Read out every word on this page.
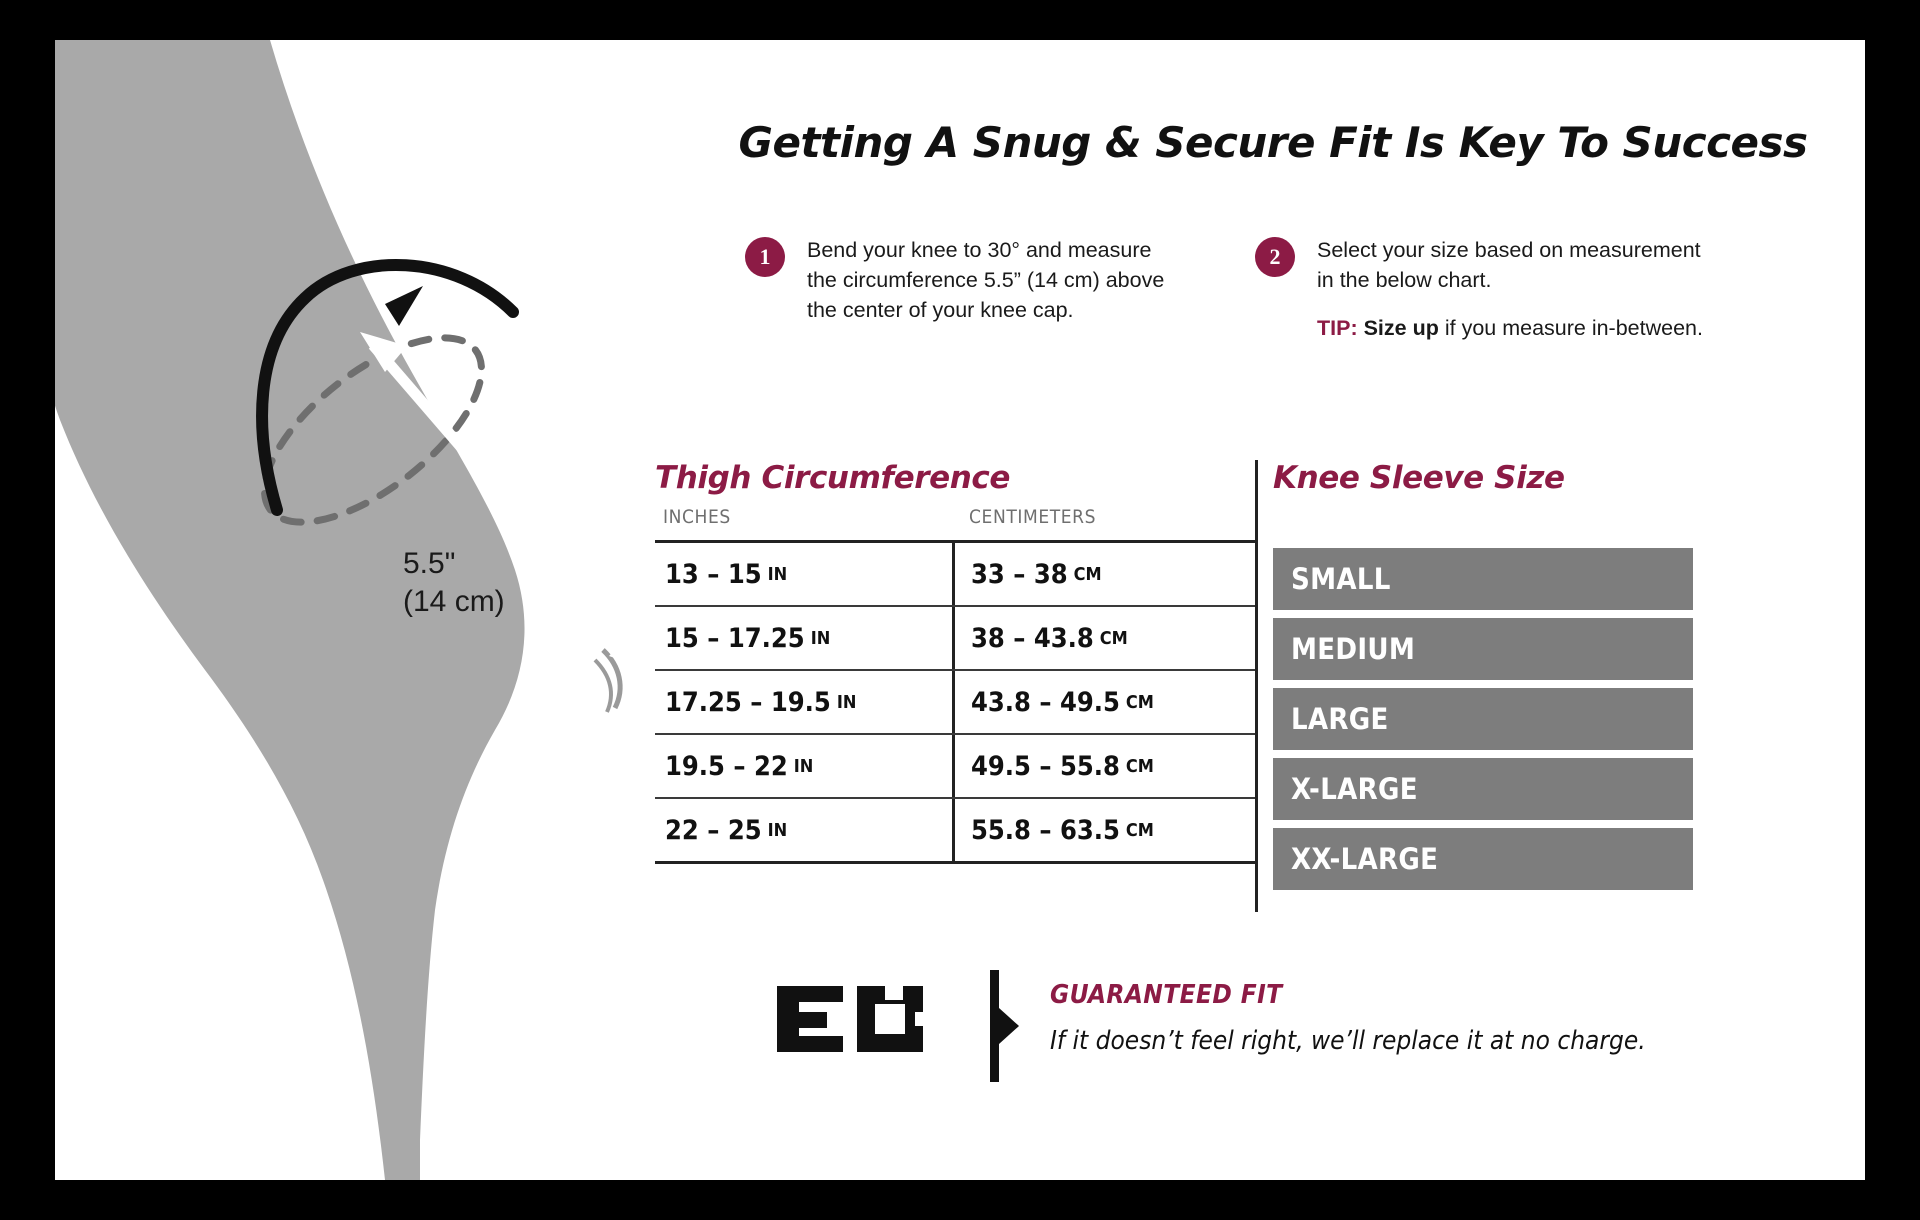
5.5"
(14 cm)
Getting A Snug & Secure Fit Is Key To Success
1	Bend your knee to 30° and measure the circumference 5.5” (14 cm) above the center of your knee cap.
2	Select your size based on measurement in the below chart.
TIP: Size up if you measure in-between.
Thigh Circumference
INCHES	CENTIMETERS
13 – 15 IN	33 – 38 CM
15 – 17.25 IN	38 – 43.8 CM
17.25 – 19.5 IN	43.8 – 49.5 CM
19.5 – 22 IN	49.5 – 55.8 CM
22 – 25 IN	55.8 – 63.5 CM
Knee Sleeve Size
SMALL
MEDIUM
LARGE
X-LARGE
XX-LARGE
GUARANTEED FIT
If it doesn’t feel right, we’ll replace it at no charge.
